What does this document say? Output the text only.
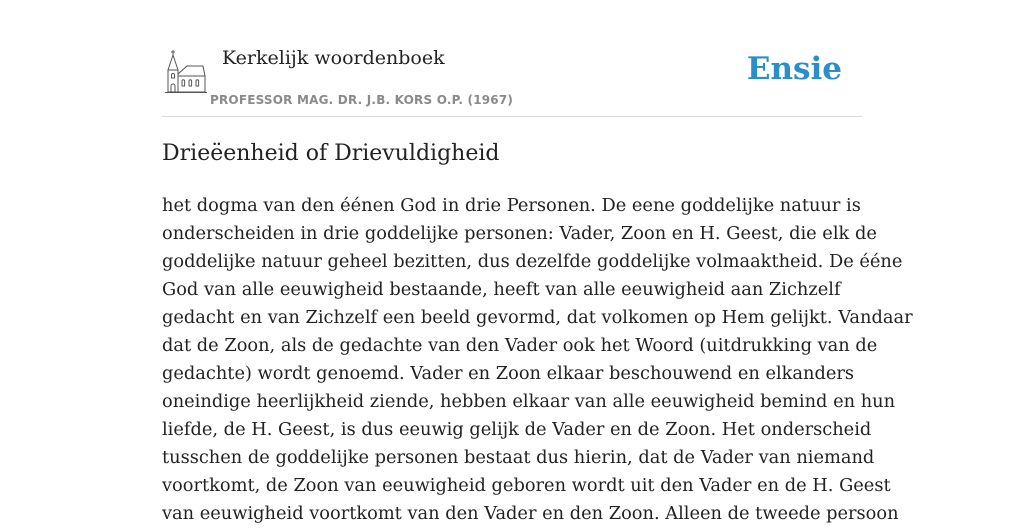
Kerkelijk woordenboek
PROFESSOR MAG. DR. J.B. KORS O.P. (1967)
Ensie
Drieëenheid of Drievuldigheid
het dogma van den éénen God in drie Personen. De eene goddelijke natuur is
onderscheiden in drie goddelijke personen: Vader, Zoon en H. Geest, die elk de
goddelijke natuur geheel bezitten, dus dezelfde goddelijke volmaaktheid. De ééne
God van alle eeuwigheid bestaande, heeft van alle eeuwigheid aan Zichzelf
gedacht en van Zichzelf een beeld gevormd, dat volkomen op Hem gelijkt. Vandaar
dat de Zoon, als de gedachte van den Vader ook het Woord (uitdrukking van de
gedachte) wordt genoemd. Vader en Zoon elkaar beschouwend en elkanders
oneindige heerlijkheid ziende, hebben elkaar van alle eeuwigheid bemind en hun
liefde, de H. Geest, is dus eeuwig gelijk de Vader en de Zoon. Het onderscheid
tusschen de goddelijke personen bestaat dus hierin, dat de Vader van niemand
voortkomt, de Zoon van eeuwigheid geboren wordt uit den Vader en de H. Geest
van eeuwigheid voortkomt van den Vader en den Zoon. Alleen de tweede persoon
